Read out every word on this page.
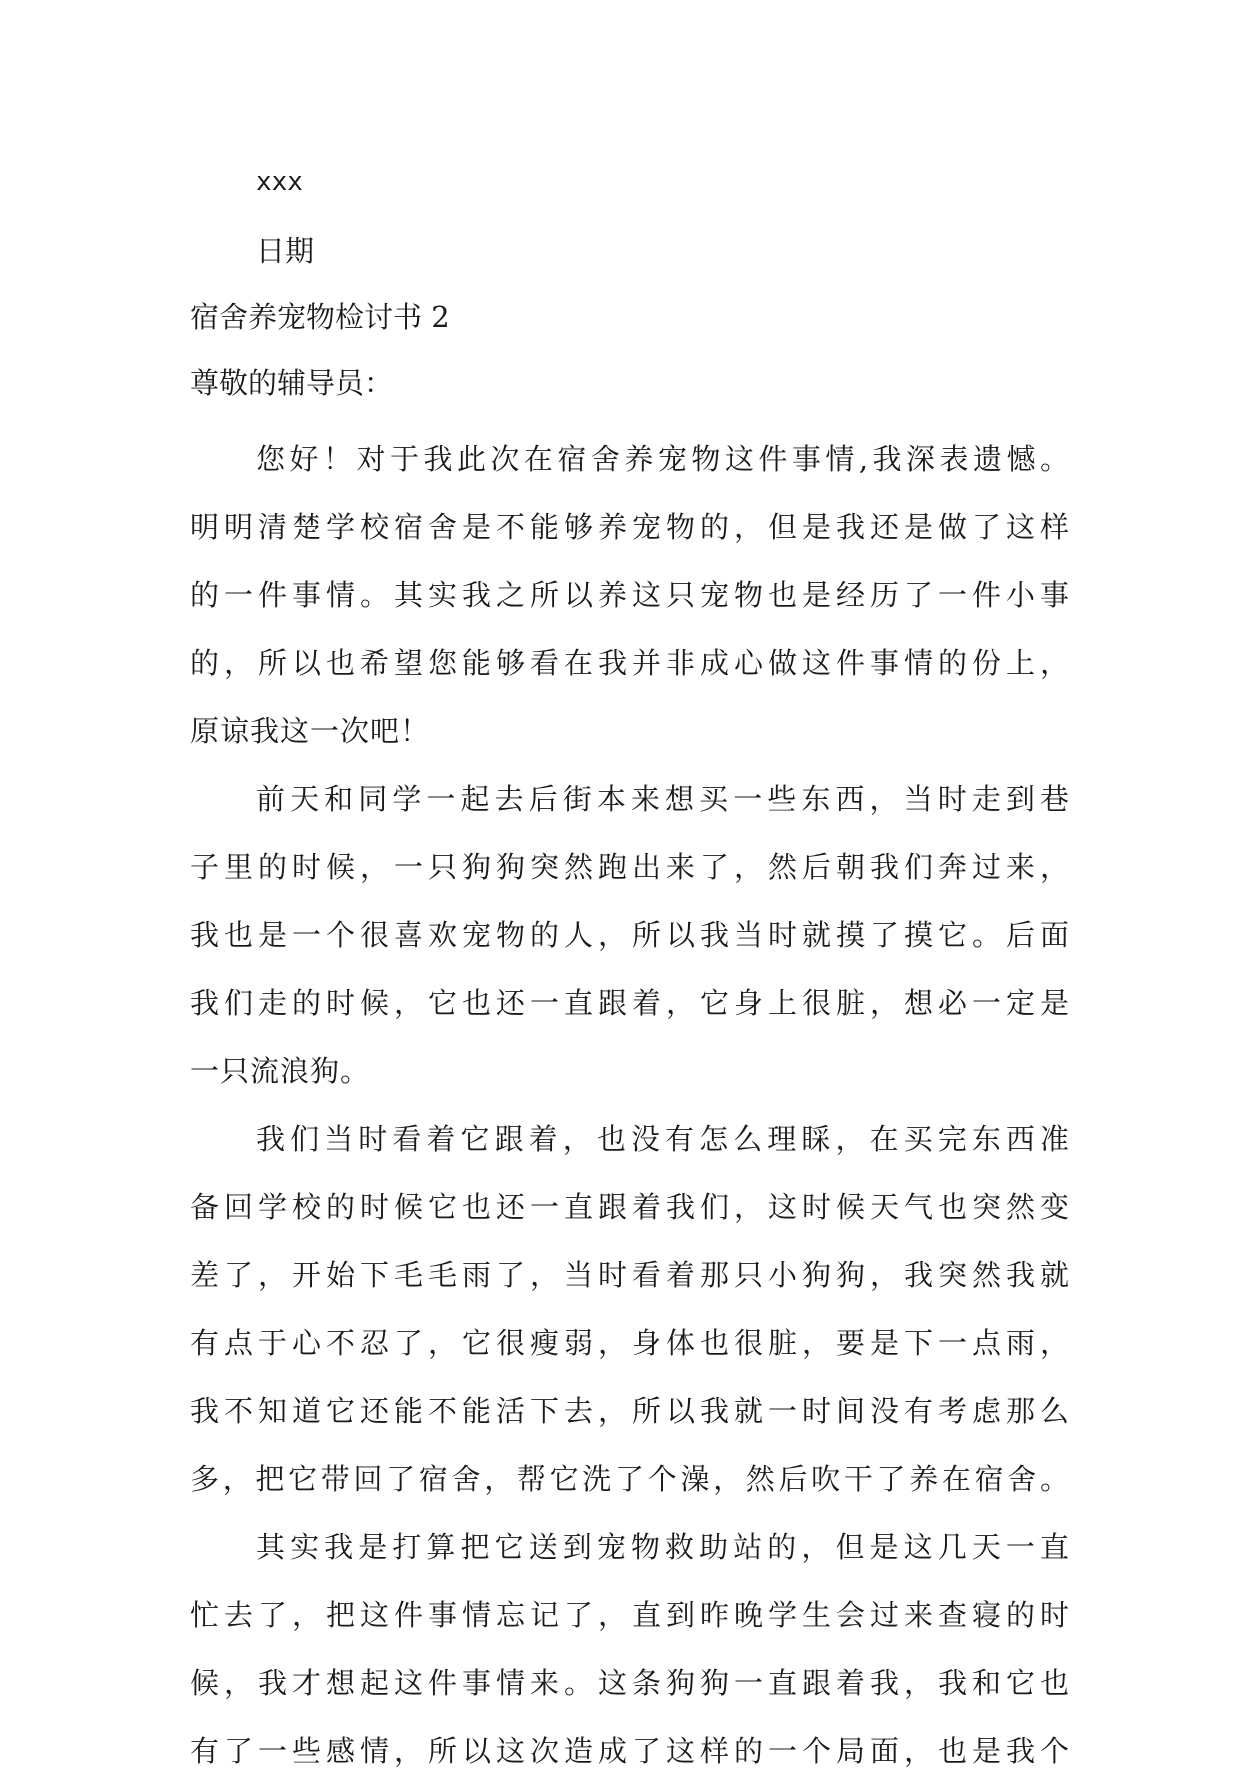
xxx
日期
宿舍养宠物检讨书 2
尊敬的辅导员：

您好！对于我此次在宿舍养宠物这件事情,我深表遗憾。

明明清楚学校宿舍是不能够养宠物的，但是我还是做了这样

的一件事情。其实我之所以养这只宠物也是经历了一件小事

的，所以也希望您能够看在我并非成心做这件事情的份上，

原谅我这一次吧！

前天和同学一起去后街本来想买一些东西，当时走到巷

子里的时候，一只狗狗突然跑出来了，然后朝我们奔过来，

我也是一个很喜欢宠物的人，所以我当时就摸了摸它。后面

我们走的时候，它也还一直跟着，它身上很脏，想必一定是

一只流浪狗。

我们当时看着它跟着，也没有怎么理睬，在买完东西准

备回学校的时候它也还一直跟着我们，这时候天气也突然变

差了，开始下毛毛雨了，当时看着那只小狗狗，我突然我就

有点于心不忍了，它很瘦弱，身体也很脏，要是下一点雨，

我不知道它还能不能活下去，所以我就一时间没有考虑那么

多，把它带回了宿舍，帮它洗了个澡，然后吹干了养在宿舍。

其实我是打算把它送到宠物救助站的，但是这几天一直

忙去了，把这件事情忘记了，直到昨晚学生会过来查寝的时

候，我才想起这件事情来。这条狗狗一直跟着我，我和它也

有了一些感情，所以这次造成了这样的一个局面，也是我个
